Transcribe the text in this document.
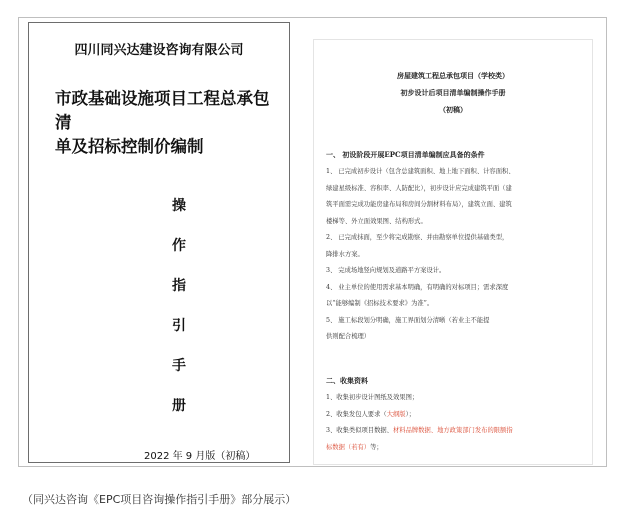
四川同兴达建设咨询有限公司
市政基础设施项目工程总承包清
单及招标控制价编制
操
作
指
引
手
册
2022 年 9 月版（初稿）
房屋建筑工程总承包项目（学校类）
初步设计后项目清单编制操作手册
（初稿）
一、 初设阶段开展EPC项目清单编制应具备的条件
1、 已完成初步设计（包含总建筑面积、地上地下面积、计容面积、
绿建星级标准、容积率、人防配比），初步设计应完成建筑平面（建
筑平面需完成功能房建布局和房间分割材料布局），建筑立面、建筑
楼梯等、外立面效果图、结构形式。
2、 已完成抹面，至少将完成勘察、并由勘察单位提供基础类型，
降排水方案。
3、 完成场地竖向规划及道路平方案设计。
4、 业主单位的使用需求基本明确，有明确的对标项目；需求深度
以“能够编制《招标技术要求》为准”。
5、 施工标段划分明确，施工界面划分清晰（若业主不能提
供则配合梳理）
二、收集资料
1、收集初步设计图纸及效果图；
2、收集发包人要求（大纲版）；
3、收集类似项目数据、材料品牌数据、地方政策部门发布的限额指
标数据（若有）等；
（同兴达咨询《EPC项目咨询操作指引手册》部分展示）
